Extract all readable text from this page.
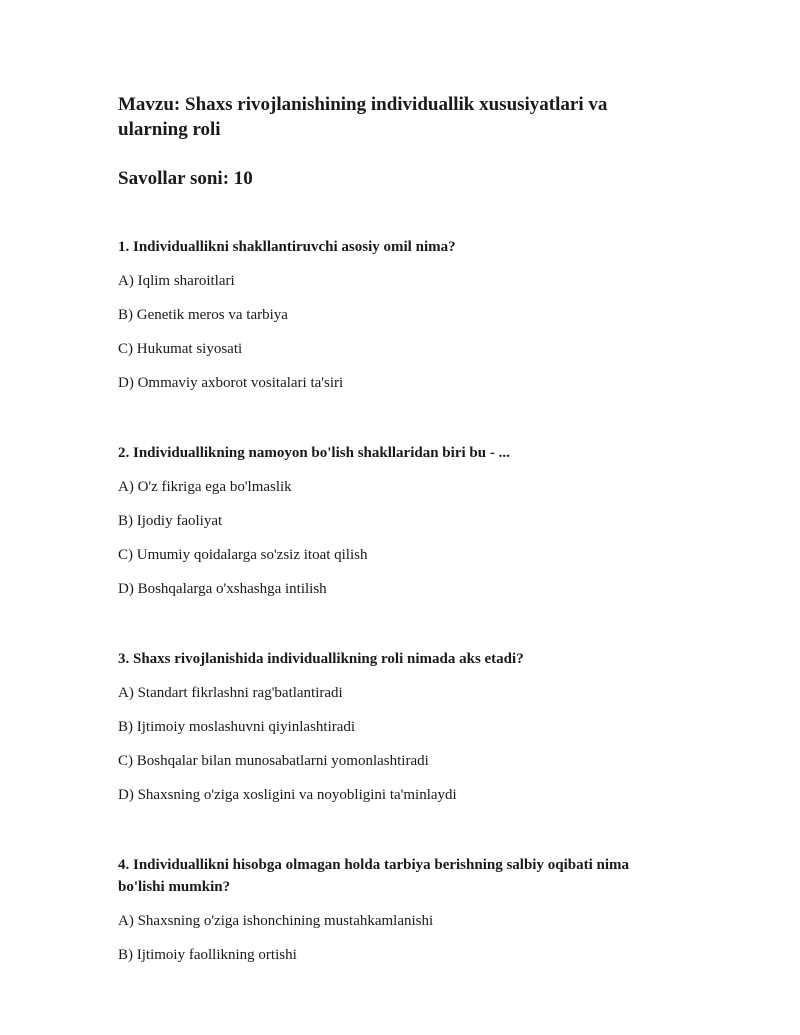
Mavzu: Shaxs rivojlanishining individuallik xususiyatlari va ularning roli

Savollar soni: 10

1. Individuallikni shakllantiruvchi asosiy omil nima?

A) Iqlim sharoitlari
B) Genetik meros va tarbiya
C) Hukumat siyosati
D) Ommaviy axborot vositalari ta'siri

2. Individuallikning namoyon bo'lish shakllaridan biri bu - ...

A) O'z fikriga ega bo'lmaslik
B) Ijodiy faoliyat
C) Umumiy qoidalarga so'zsiz itoat qilish
D) Boshqalarga o'xshashga intilish

3. Shaxs rivojlanishida individuallikning roli nimada aks etadi?

A) Standart fikrlashni rag'batlantiradi
B) Ijtimoiy moslashuvni qiyinlashtiradi
C) Boshqalar bilan munosabatlarni yomonlashtiradi
D) Shaxsning o'ziga xosligini va noyobligini ta'minlaydi

4. Individuallikni hisobga olmagan holda tarbiya berishning salbiy oqibati nima bo'lishi mumkin?

A) Shaxsning o'ziga ishonchining mustahkamlanishi
B) Ijtimoiy faollikning ortishi
